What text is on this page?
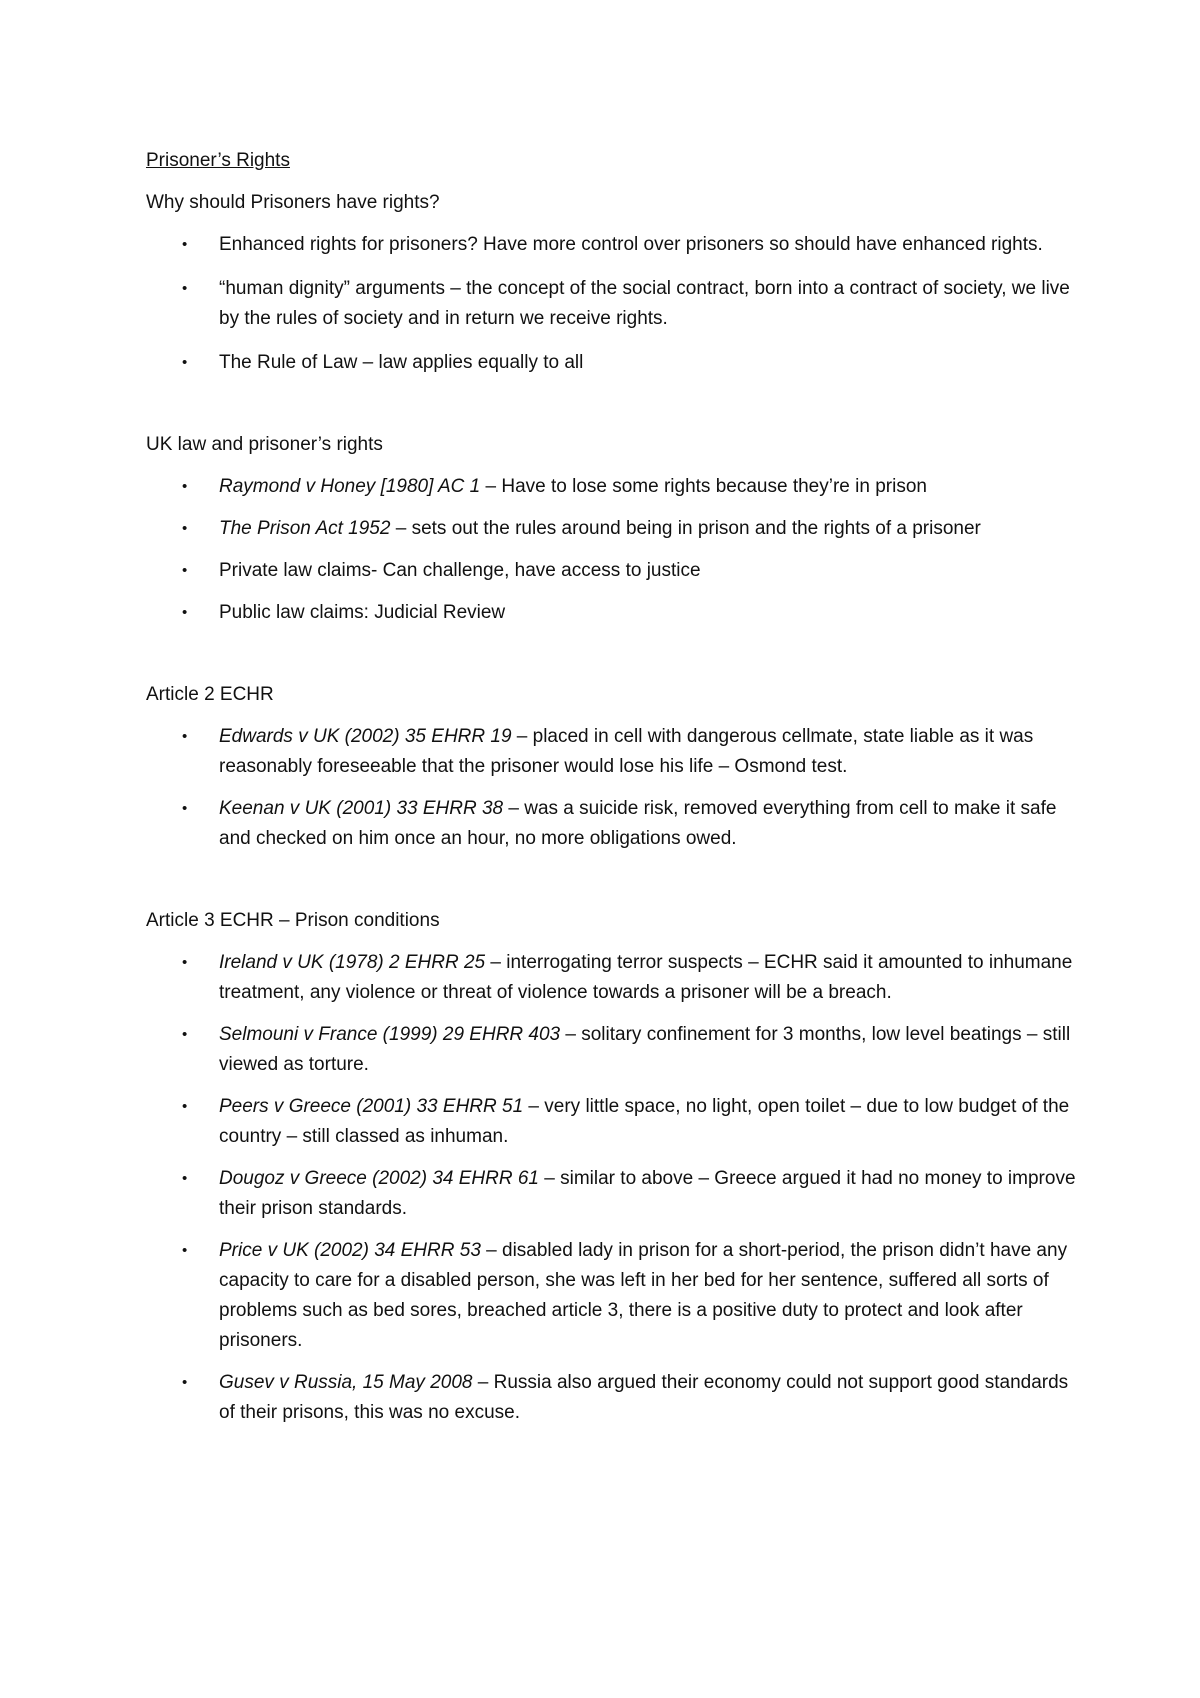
Prisoner’s Rights

Why should Prisoners have rights?

• Enhanced rights for prisoners? Have more control over prisoners so should have enhanced rights.
• “human dignity” arguments – the concept of the social contract, born into a contract of society, we live by the rules of society and in return we receive rights.
• The Rule of Law – law applies equally to all

UK law and prisoner’s rights

• Raymond v Honey [1980] AC 1 – Have to lose some rights because they’re in prison
• The Prison Act 1952 – sets out the rules around being in prison and the rights of a prisoner
• Private law claims- Can challenge, have access to justice
• Public law claims: Judicial Review

Article 2 ECHR

• Edwards v UK (2002) 35 EHRR 19 – placed in cell with dangerous cellmate, state liable as it was reasonably foreseeable that the prisoner would lose his life – Osmond test.
• Keenan v UK (2001) 33 EHRR 38 – was a suicide risk, removed everything from cell to make it safe and checked on him once an hour, no more obligations owed.

Article 3 ECHR – Prison conditions

• Ireland v UK (1978) 2 EHRR 25 – interrogating terror suspects – ECHR said it amounted to inhumane treatment, any violence or threat of violence towards a prisoner will be a breach.
• Selmouni v France (1999) 29 EHRR 403 – solitary confinement for 3 months, low level beatings – still viewed as torture.
• Peers v Greece (2001) 33 EHRR 51 – very little space, no light, open toilet – due to low budget of the country – still classed as inhuman.
• Dougoz v Greece (2002) 34 EHRR 61 – similar to above – Greece argued it had no money to improve their prison standards.
• Price v UK (2002) 34 EHRR 53 – disabled lady in prison for a short-period, the prison didn’t have any capacity to care for a disabled person, she was left in her bed for her sentence, suffered all sorts of problems such as bed sores, breached article 3, there is a positive duty to protect and look after prisoners.
• Gusev v Russia, 15 May 2008 – Russia also argued their economy could not support good standards of their prisons, this was no excuse.
